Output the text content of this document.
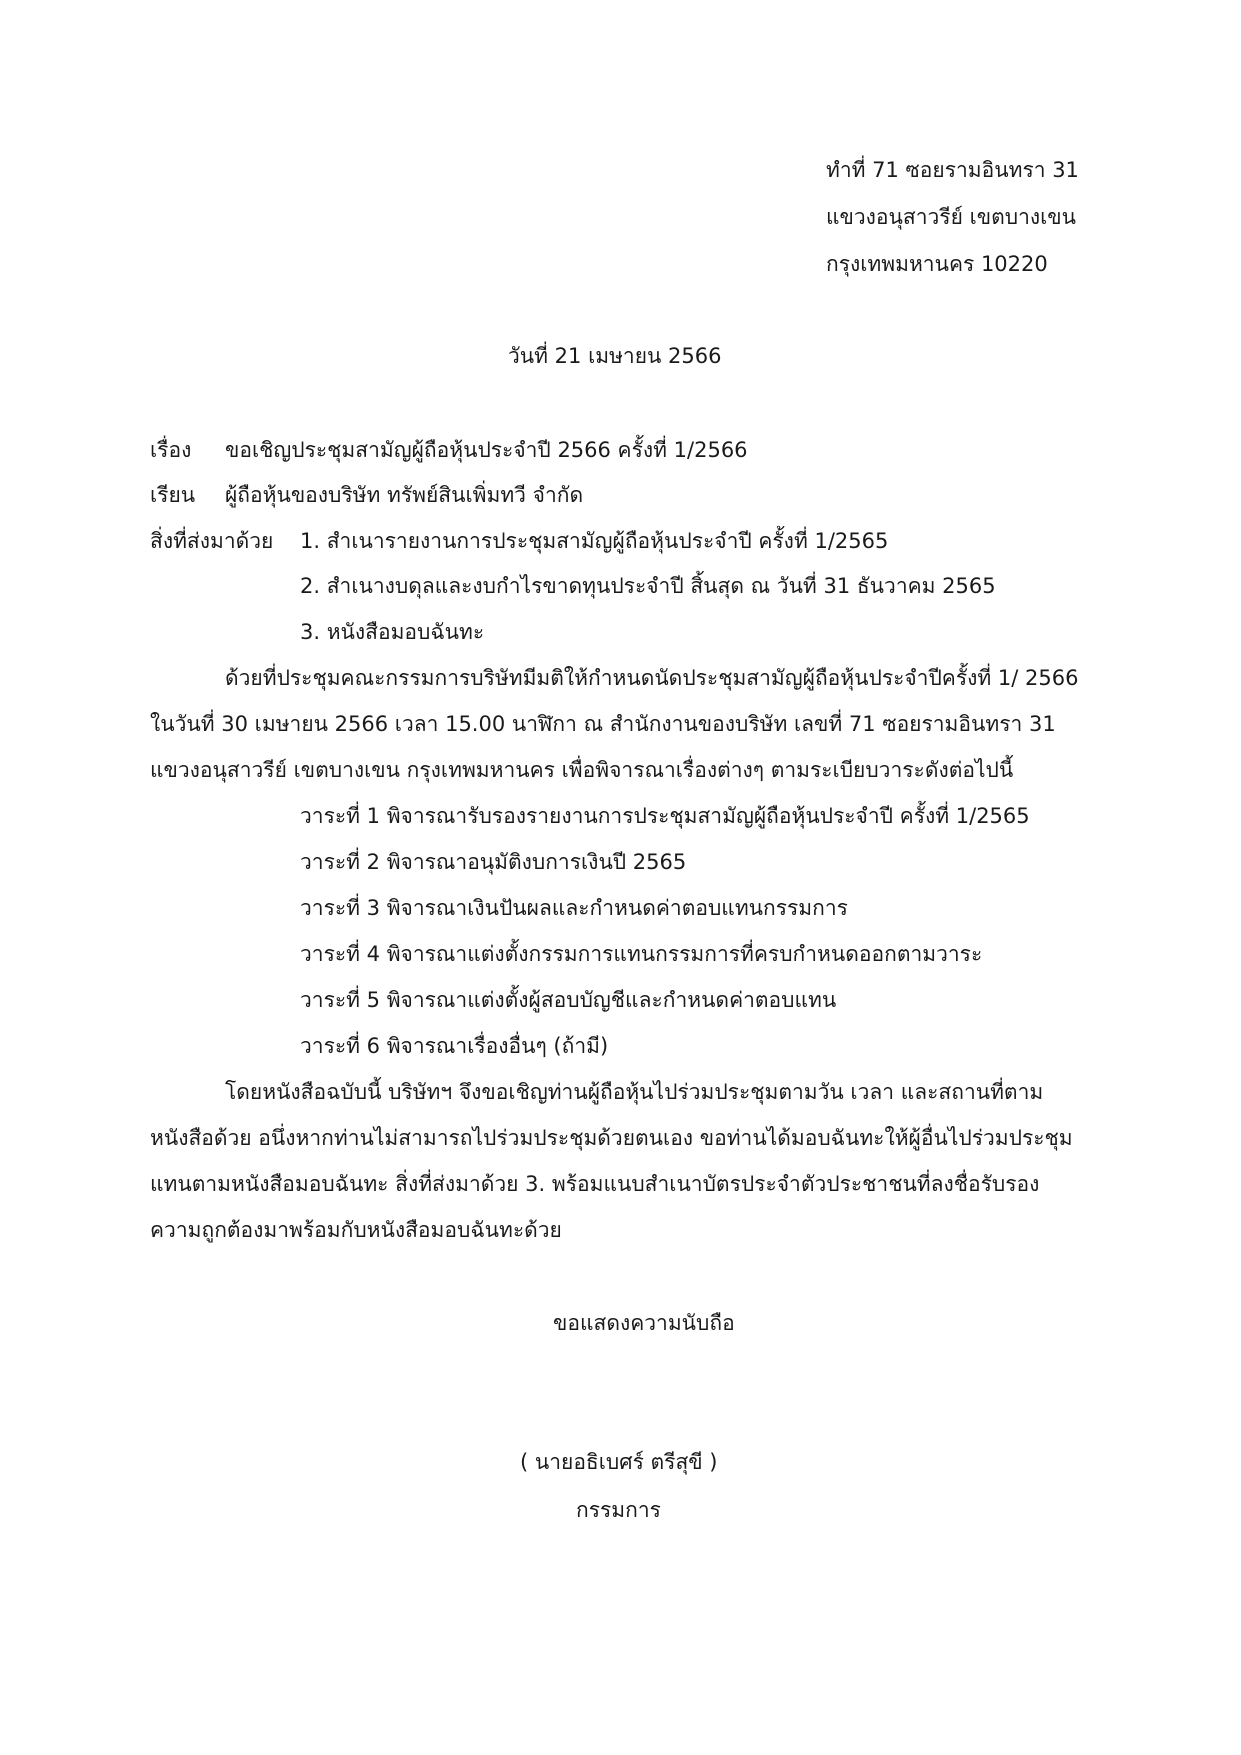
ทำที่ 71 ซอยรามอินทรา 31
แขวงอนุสาวรีย์ เขตบางเขน
กรุงเทพมหานคร 10220
วันที่ 21 เมษายน 2566
เรื่อง ขอเชิญประชุมสามัญผู้ถือหุ้นประจำปี 2566 ครั้งที่ 1/2566
เรียน ผู้ถือหุ้นของบริษัท ทรัพย์สินเพิ่มทวี จำกัด
สิ่งที่ส่งมาด้วย 1. สำเนารายงานการประชุมสามัญผู้ถือหุ้นประจำปี ครั้งที่ 1/2565
2. สำเนางบดุลและงบกำไรขาดทุนประจำปี สิ้นสุด ณ วันที่ 31 ธันวาคม 2565
3. หนังสือมอบฉันทะ
ด้วยที่ประชุมคณะกรรมการบริษัทมีมติให้กำหนดนัดประชุมสามัญผู้ถือหุ้นประจำปีครั้งที่ 1/ 2566
ในวันที่ 30 เมษายน 2566 เวลา 15.00 นาฬิกา ณ สำนักงานของบริษัท เลขที่ 71 ซอยรามอินทรา 31
แขวงอนุสาวรีย์ เขตบางเขน กรุงเทพมหานคร เพื่อพิจารณาเรื่องต่างๆ ตามระเบียบวาระดังต่อไปนี้
วาระที่ 1 พิจารณารับรองรายงานการประชุมสามัญผู้ถือหุ้นประจำปี ครั้งที่ 1/2565
วาระที่ 2 พิจารณาอนุมัติงบการเงินปี 2565
วาระที่ 3 พิจารณาเงินปันผลและกำหนดค่าตอบแทนกรรมการ
วาระที่ 4 พิจารณาแต่งตั้งกรรมการแทนกรรมการที่ครบกำหนดออกตามวาระ
วาระที่ 5 พิจารณาแต่งตั้งผู้สอบบัญชีและกำหนดค่าตอบแทน
วาระที่ 6 พิจารณาเรื่องอื่นๆ (ถ้ามี)
โดยหนังสือฉบับนี้ บริษัทฯ จึงขอเชิญท่านผู้ถือหุ้นไปร่วมประชุมตามวัน เวลา และสถานที่ตาม
หนังสือด้วย อนึ่งหากท่านไม่สามารถไปร่วมประชุมด้วยตนเอง ขอท่านได้มอบฉันทะให้ผู้อื่นไปร่วมประชุม
แทนตามหนังสือมอบฉันทะ สิ่งที่ส่งมาด้วย 3. พร้อมแนบสำเนาบัตรประจำตัวประชาชนที่ลงชื่อรับรอง
ความถูกต้องมาพร้อมกับหนังสือมอบฉันทะด้วย
ขอแสดงความนับถือ
( นายอธิเบศร์ ตรีสุขี )
กรรมการ
